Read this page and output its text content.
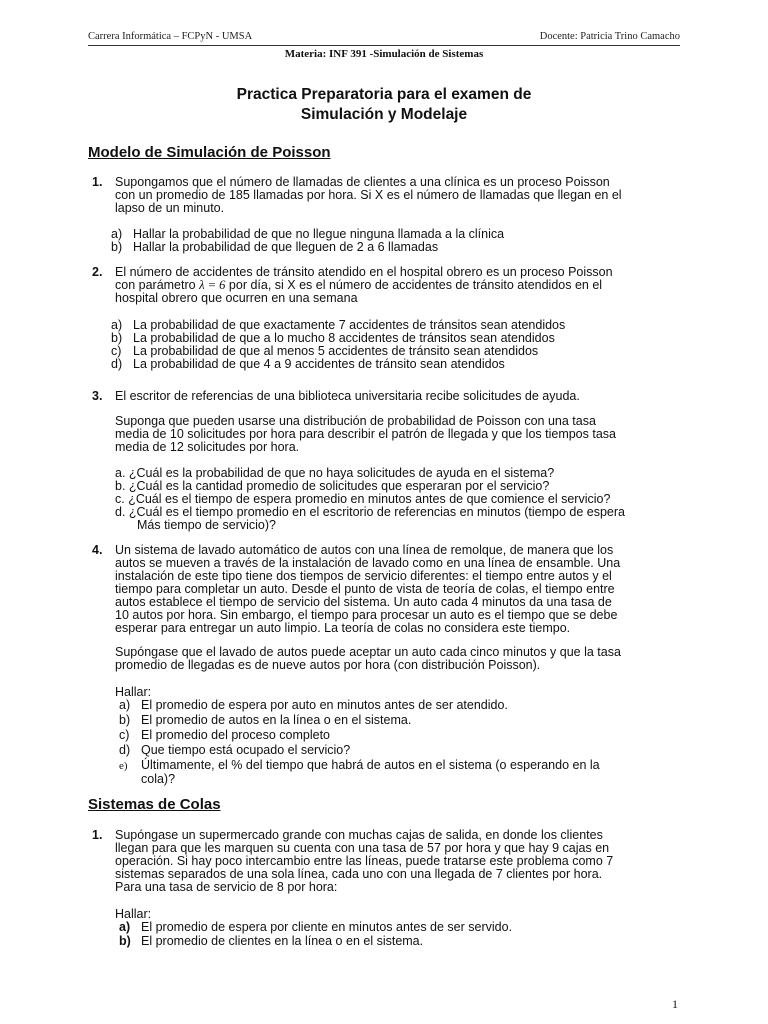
Carrera Informática – FCPyN - UMSA	Docente: Patricia Trino Camacho
Materia: INF 391 -Simulación de Sistemas
Practica Preparatoria para el examen de
Simulación y Modelaje
Modelo de Simulación de Poisson
1. Supongamos que el número de llamadas de clientes a una clínica es un proceso Poisson
con un promedio de 185 llamadas por hora. Si X es el número de llamadas que llegan en el
lapso de un minuto.
a) Hallar la probabilidad de que no llegue ninguna llamada a la clínica
b) Hallar la probabilidad de que lleguen de 2 a 6 llamadas
2. El número de accidentes de tránsito atendido en el hospital obrero es un proceso Poisson
con parámetro λ = 6 por día, si X es el número de accidentes de tránsito atendidos en el
hospital obrero que ocurren en una semana
a) La probabilidad de que exactamente 7 accidentes de tránsitos sean atendidos
b) La probabilidad de que a lo mucho 8 accidentes de tránsitos sean atendidos
c) La probabilidad de que al menos 5 accidentes de tránsito sean atendidos
d) La probabilidad de que 4 a 9 accidentes de tránsito sean atendidos
3. El escritor de referencias de una biblioteca universitaria recibe solicitudes de ayuda.
Suponga que pueden usarse una distribución de probabilidad de Poisson con una tasa
media de 10 solicitudes por hora para describir el patrón de llegada y que los tiempos tasa
media de 12 solicitudes por hora.
a. ¿Cuál es la probabilidad de que no haya solicitudes de ayuda en el sistema?
b. ¿Cuál es la cantidad promedio de solicitudes que esperaran por el servicio?
c. ¿Cuál es el tiempo de espera promedio en minutos antes de que comience el servicio?
d. ¿Cuál es el tiempo promedio en el escritorio de referencias en minutos (tiempo de espera
Más tiempo de servicio)?
4. Un sistema de lavado automático de autos con una línea de remolque, de manera que los
autos se mueven a través de la instalación de lavado como en una línea de ensamble. Una
instalación de este tipo tiene dos tiempos de servicio diferentes: el tiempo entre autos y el
tiempo para completar un auto. Desde el punto de vista de teoría de colas, el tiempo entre
autos establece el tiempo de servicio del sistema. Un auto cada 4 minutos da una tasa de
10 autos por hora. Sin embargo, el tiempo para procesar un auto es el tiempo que se debe
esperar para entregar un auto limpio. La teoría de colas no considera este tiempo.
Supóngase que el lavado de autos puede aceptar un auto cada cinco minutos y que la tasa
promedio de llegadas es de nueve autos por hora (con distribución Poisson).
Hallar:
a) El promedio de espera por auto en minutos antes de ser atendido.
b) El promedio de autos en la línea o en el sistema.
c) El promedio del proceso completo
d) Que tiempo está ocupado el servicio?
e) Últimamente, el % del tiempo que habrá de autos en el sistema (o esperando en la
cola)?
Sistemas de Colas
1. Supóngase un supermercado grande con muchas cajas de salida, en donde los clientes
llegan para que les marquen su cuenta con una tasa de 57 por hora y que hay 9 cajas en
operación. Si hay poco intercambio entre las líneas, puede tratarse este problema como 7
sistemas separados de una sola línea, cada uno con una llegada de 7 clientes por hora.
Para una tasa de servicio de 8 por hora:
Hallar:
a) El promedio de espera por cliente en minutos antes de ser servido.
b) El promedio de clientes en la línea o en el sistema.
1
